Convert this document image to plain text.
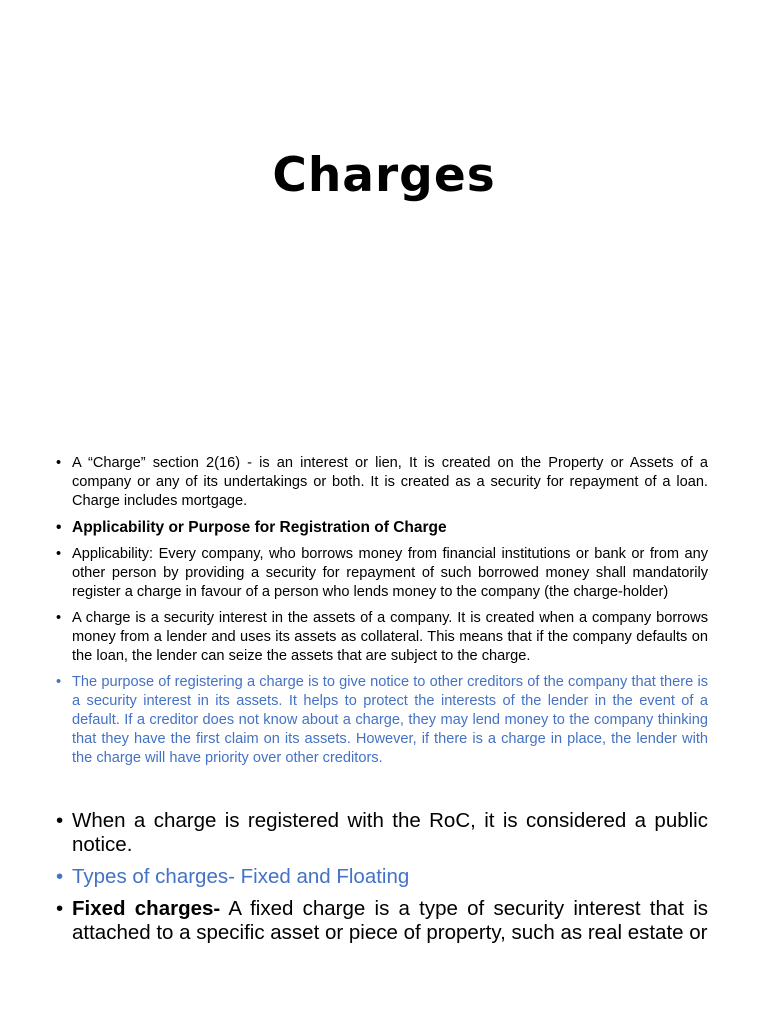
Charges
• A “Charge” section 2(16) - is an interest or lien, It is created on the Property or Assets of a company or any of its undertakings or both. It is created as a security for repayment of a loan. Charge includes mortgage.
• Applicability or Purpose for Registration of Charge
• Applicability: Every company, who borrows money from financial institutions or bank or from any other person by providing a security for repayment of such borrowed money shall mandatorily register a charge in favour of a person who lends money to the company (the charge-holder)
• A charge is a security interest in the assets of a company. It is created when a company borrows money from a lender and uses its assets as collateral. This means that if the company defaults on the loan, the lender can seize the assets that are subject to the charge.
• The purpose of registering a charge is to give notice to other creditors of the company that there is a security interest in its assets. It helps to protect the interests of the lender in the event of a default. If a creditor does not know about a charge, they may lend money to the company thinking that they have the first claim on its assets. However, if there is a charge in place, the lender with the charge will have priority over other creditors.
• When a charge is registered with the RoC, it is considered a public notice.
• Types of charges- Fixed and Floating
• Fixed charges- A fixed charge is a type of security interest that is attached to a specific asset or piece of property, such as real estate or
